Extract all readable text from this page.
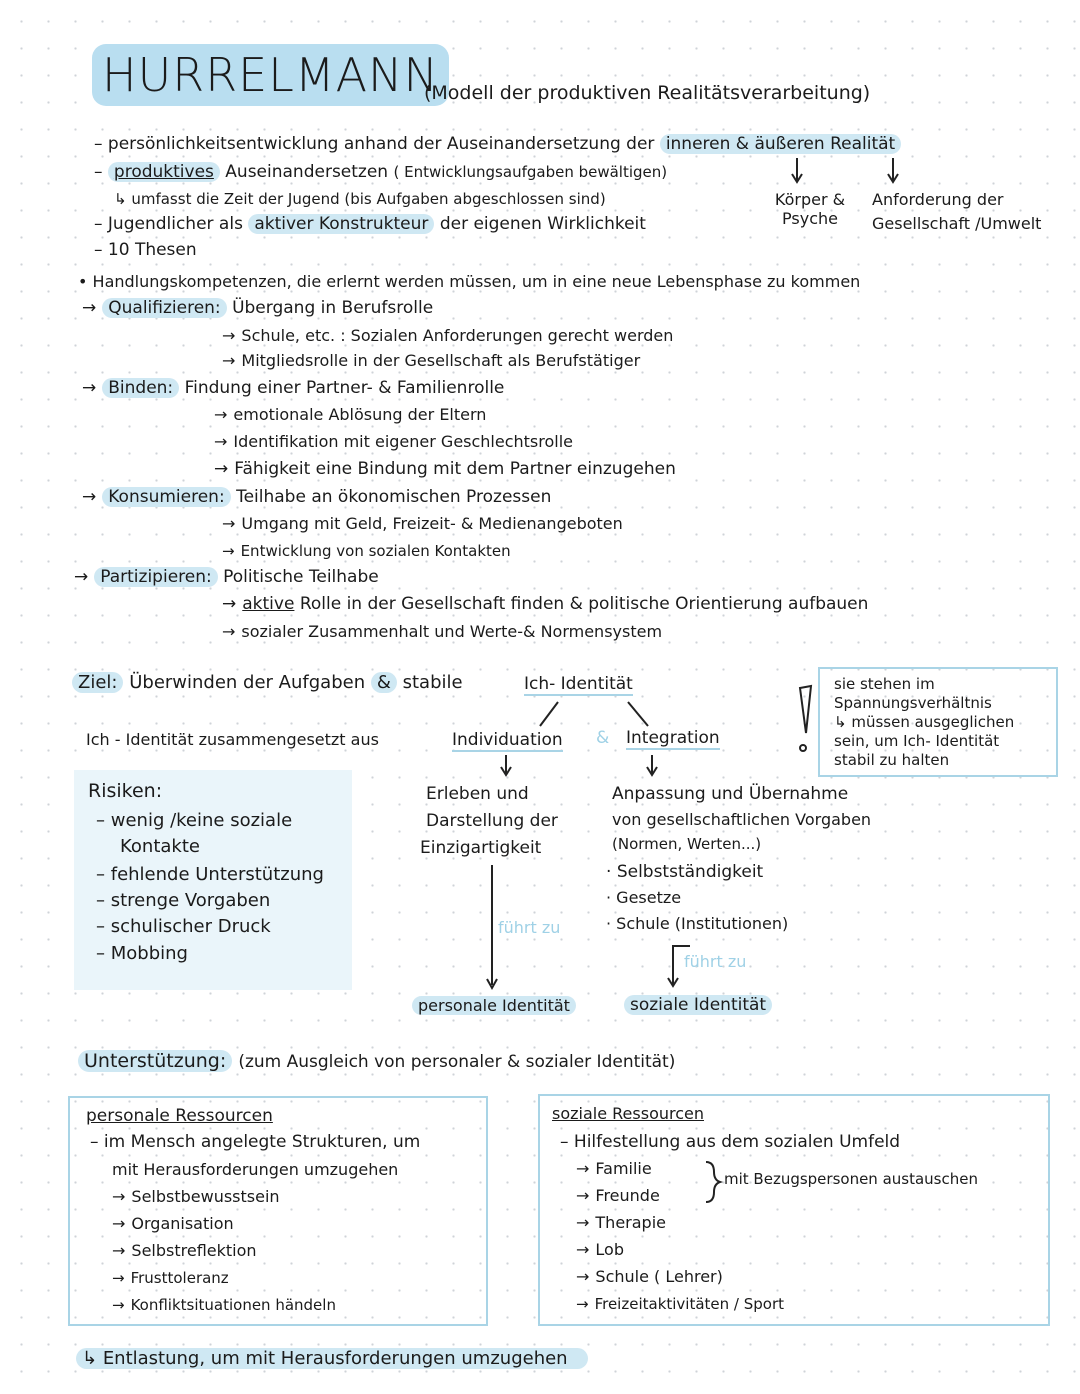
HURRELMANN
(Modell der produktiven Realitätsverarbeitung)
– persönlichkeitsentwicklung anhand der Auseinandersetzung der inneren & äußeren Realität
– produktives Auseinandersetzen ( Entwicklungsaufgaben bewältigen)
↳ umfasst die Zeit der Jugend (bis Aufgaben abgeschlossen sind)
– Jugendlicher als aktiver Konstrukteur der eigenen Wirklichkeit
– 10 Thesen
Körper & Psyche
Anforderung der
Gesellschaft /Umwelt
• Handlungskompetenzen, die erlernt werden müssen, um in eine neue Lebensphase zu kommen
→ Qualifizieren: Übergang in Berufsrolle
→ Schule, etc. : Sozialen Anforderungen gerecht werden
→ Mitgliedsrolle in der Gesellschaft als Berufstätiger
→ Binden: Findung einer Partner- & Familienrolle
→ emotionale Ablösung der Eltern
→ Identifikation mit eigener Geschlechtsrolle
→ Fähigkeit eine Bindung mit dem Partner einzugehen
→ Konsumieren: Teilhabe an ökonomischen Prozessen
→ Umgang mit Geld, Freizeit- & Medienangeboten
→ Entwicklung von sozialen Kontakten
→ Partizipieren: Politische Teilhabe
→ aktive Rolle in der Gesellschaft finden & politische Orientierung aufbauen
→ sozialer Zusammenhalt und Werte-& Normensystem
Ziel: Überwinden der Aufgaben & stabile	Ich- Identität
Ich - Identität zusammengesetzt aus	Individuation & Integration
sie stehen im
Spannungsverhältnis
↳ müssen ausgeglichen
sein, um Ich- Identität
stabil zu halten
Risiken:
– wenig /keine soziale
Kontakte
– fehlende Unterstützung
– strenge Vorgaben
– schulischer Druck
– Mobbing
Erleben und
Darstellung der
Einzigartigkeit
führt zu
Anpassung und Übernahme
von gesellschaftlichen Vorgaben
(Normen, Werten...)
· Selbstständigkeit
· Gesetze
· Schule (Institutionen)
führt zu
personale Identität	soziale Identität
Unterstützung: (zum Ausgleich von personaler & sozialer Identität)
personale Ressourcen
– im Mensch angelegte Strukturen, um
mit Herausforderungen umzugehen
→ Selbstbewusstsein
→ Organisation
→ Selbstreflektion
→ Frusttoleranz
→ Konfliktsituationen händeln
soziale Ressourcen
– Hilfestellung aus dem sozialen Umfeld
→ Familie
→ Freunde
→ Therapie
→ Lob
→ Schule ( Lehrer)
→ Freizeitaktivitäten / Sport
mit Bezugspersonen austauschen
↳ Entlastung, um mit Herausforderungen umzugehen
